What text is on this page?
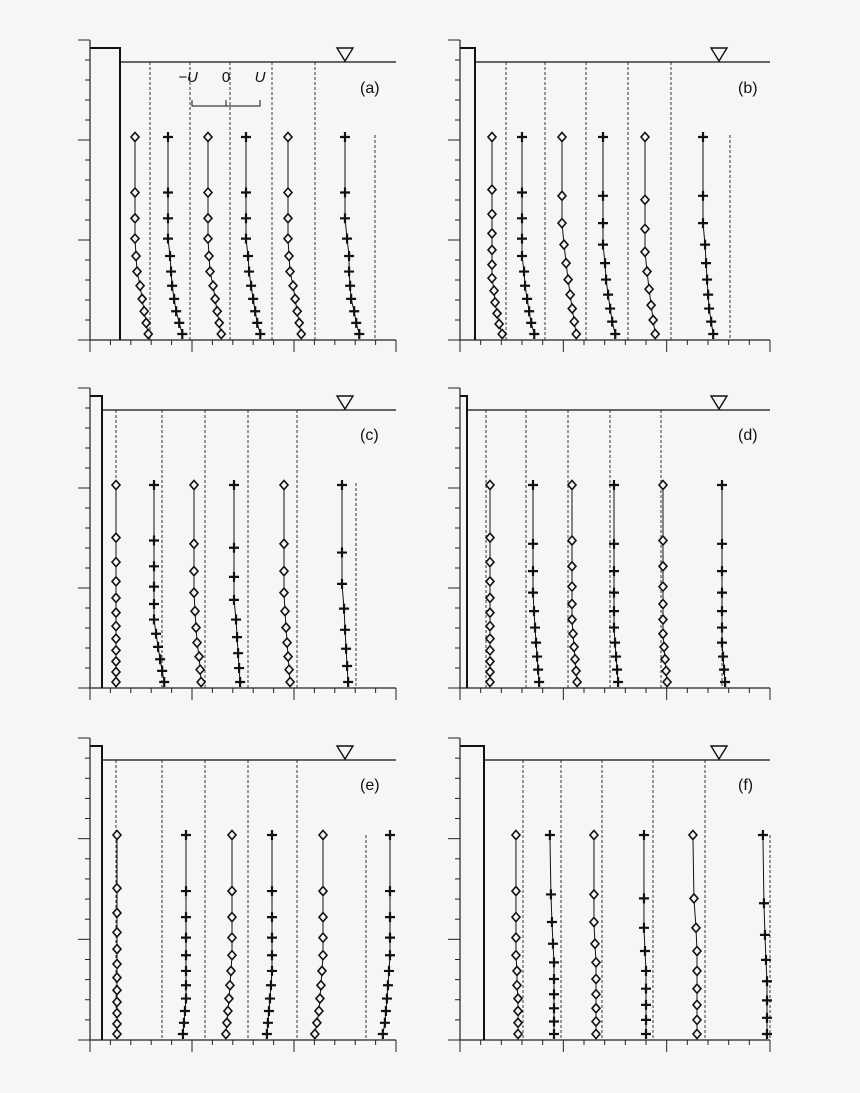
(a)
−U 0 U
(b)
(c)	(d)
(e)	(f)
